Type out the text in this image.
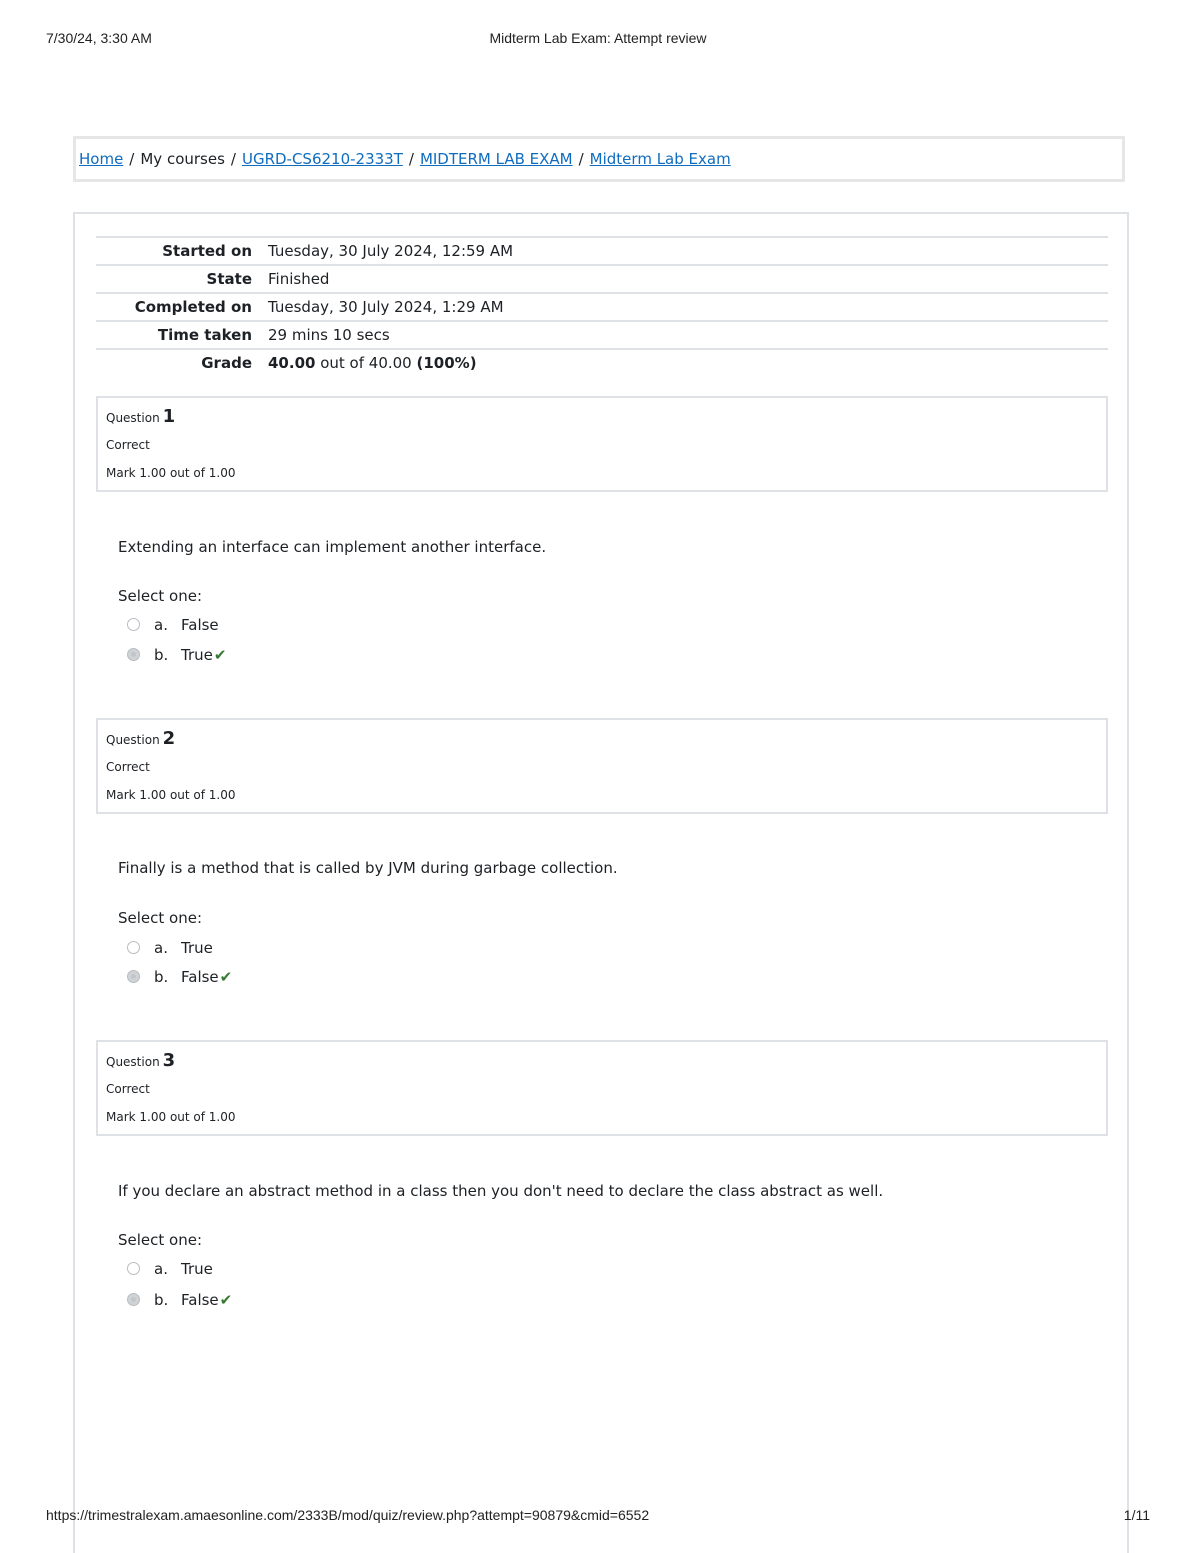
7/30/24, 3:30 AM	Midterm Lab Exam: Attempt review
Home / My courses / UGRD-CS6210-2333T / MIDTERM LAB EXAM / Midterm Lab Exam
Started on Tuesday, 30 July 2024, 12:59 AM
State Finished
Completed on Tuesday, 30 July 2024, 1:29 AM
Time taken 29 mins 10 secs
Grade 40.00 out of 40.00 (100%)
Question 1
Correct
Mark 1.00 out of 1.00
Extending an interface can implement another interface.
Select one:
a. False
b. True✔
Question 2
Correct
Mark 1.00 out of 1.00
Finally is a method that is called by JVM during garbage collection.
Select one:
a. True
b. False✔
Question 3
Correct
Mark 1.00 out of 1.00
If you declare an abstract method in a class then you don't need to declare the class abstract as well.
Select one:
a. True
b. False✔
https://trimestralexam.amaesonline.com/2333B/mod/quiz/review.php?attempt=90879&cmid=6552	1/11
